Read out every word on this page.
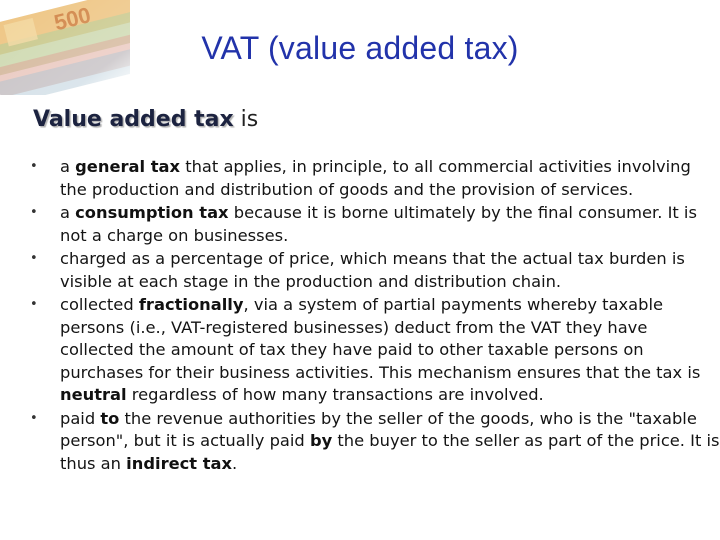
VAT (value added tax)
Value added tax is
• a general tax that applies, in principle, to all commercial activities involving the production and distribution of goods and the provision of services.
• a consumption tax because it is borne ultimately by the final consumer. It is not a charge on businesses.
• charged as a percentage of price, which means that the actual tax burden is visible at each stage in the production and distribution chain.
• collected fractionally, via a system of partial payments whereby taxable persons (i.e., VAT-registered businesses) deduct from the VAT they have collected the amount of tax they have paid to other taxable persons on purchases for their business activities. This mechanism ensures that the tax is neutral regardless of how many transactions are involved.
• paid to the revenue authorities by the seller of the goods, who is the "taxable person", but it is actually paid by the buyer to the seller as part of the price. It is thus an indirect tax.
